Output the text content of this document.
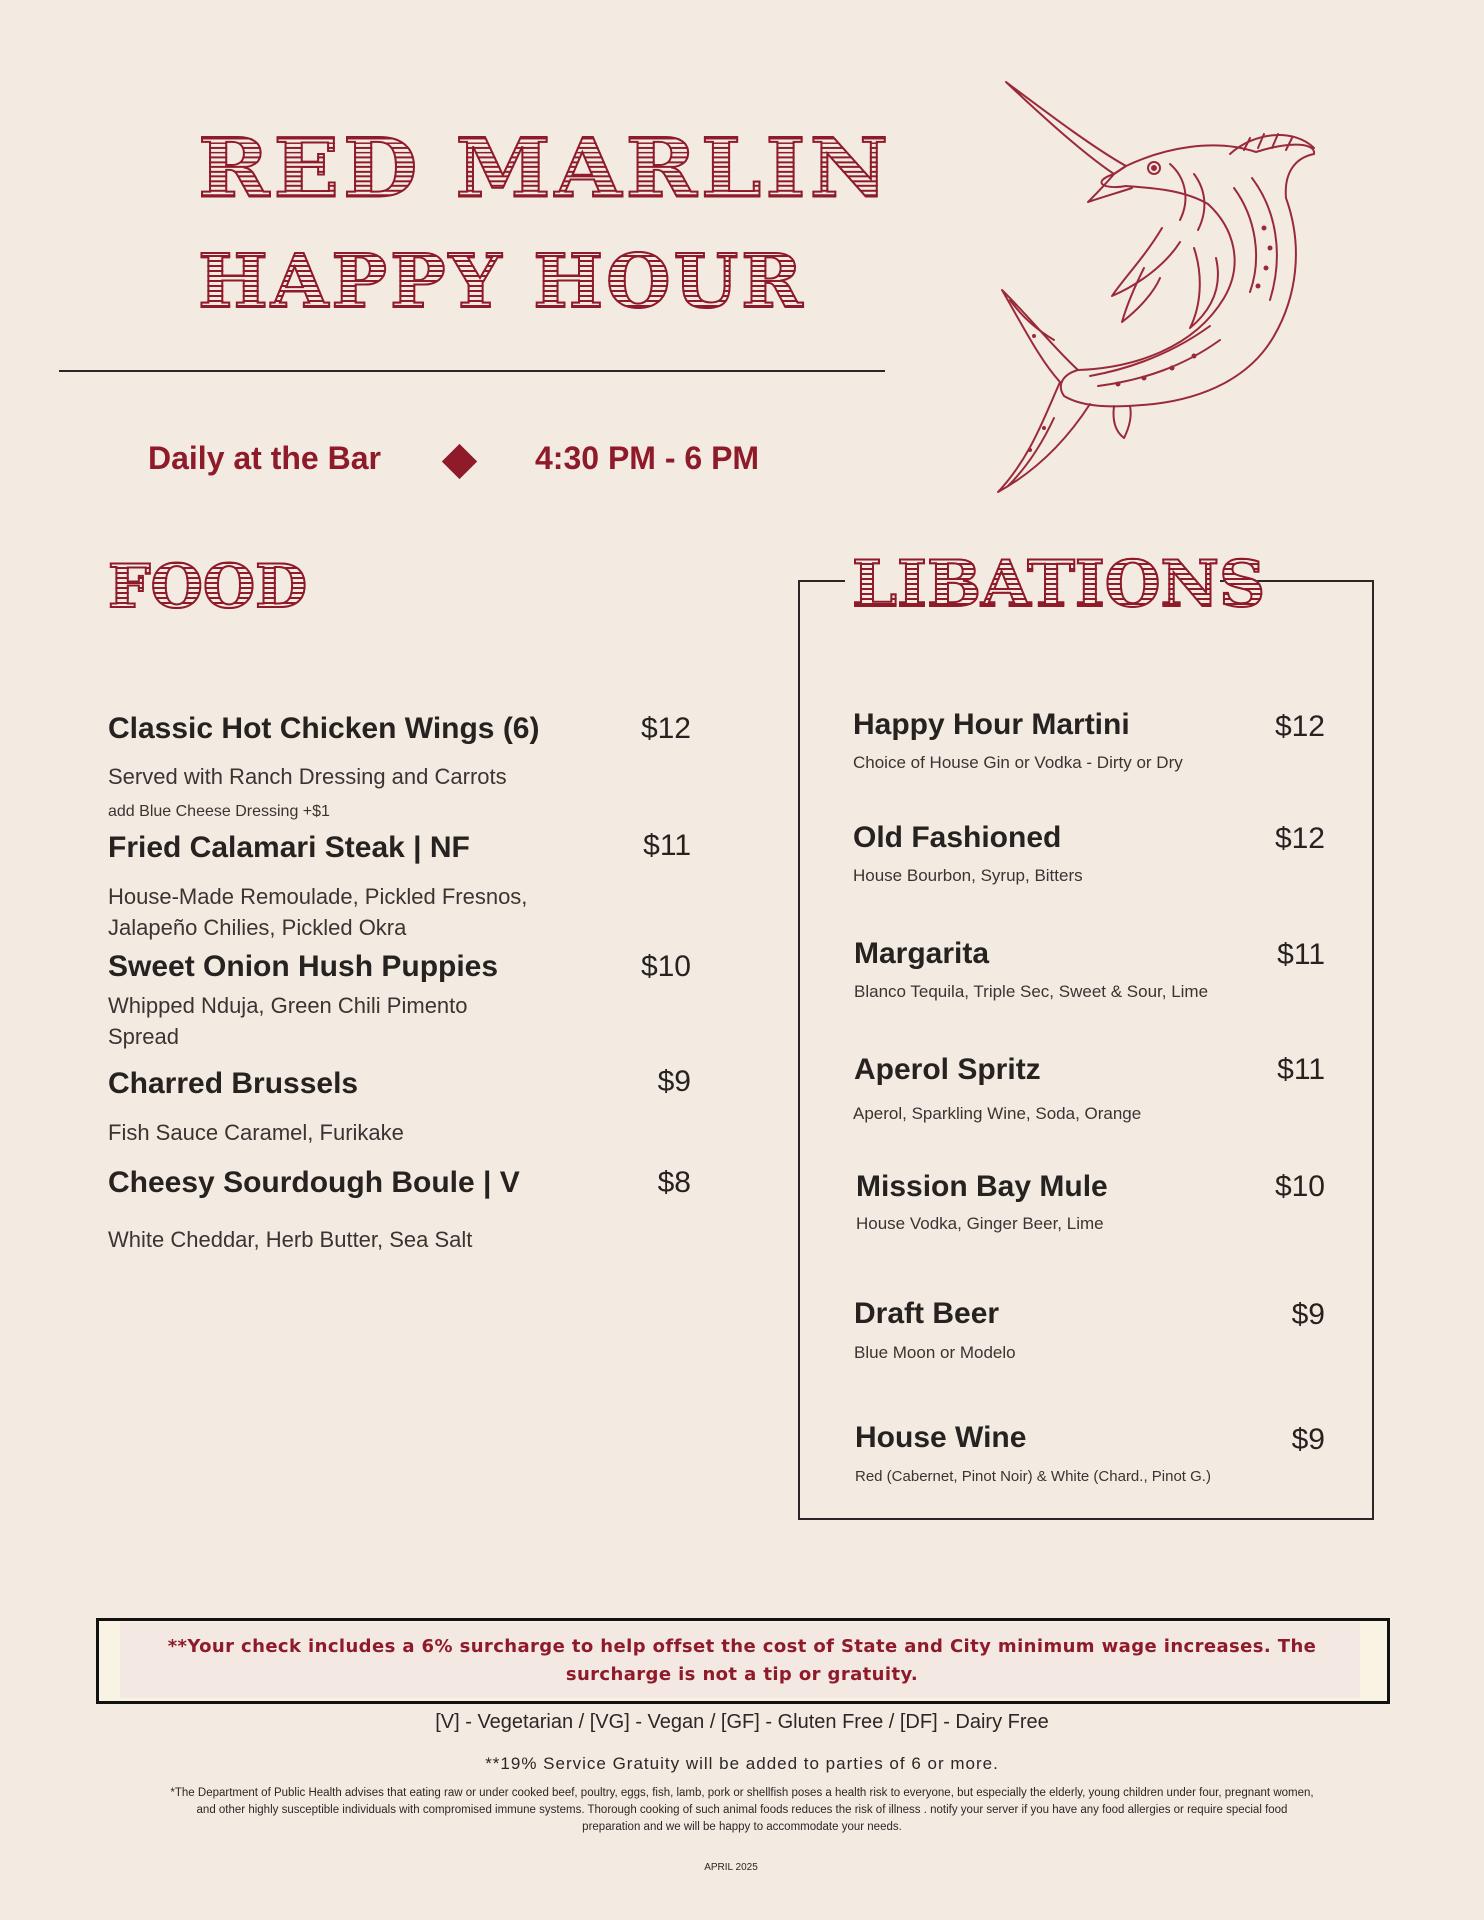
RED MARLIN
HAPPY HOUR
Daily at the Bar	4:30 PM - 6 PM
FOOD
Classic Hot Chicken Wings (6)	$12
Served with Ranch Dressing and Carrots
add Blue Cheese Dressing +$1
Fried Calamari Steak | NF	$11
House-Made Remoulade, Pickled Fresnos,
Jalapeño Chilies, Pickled Okra
Sweet Onion Hush Puppies	$10
Whipped Nduja, Green Chili Pimento
Spread
Charred Brussels	$9
Fish Sauce Caramel, Furikake
Cheesy Sourdough Boule | V	$8
White Cheddar, Herb Butter, Sea Salt
LIBATIONS
Happy Hour Martini	$12
Choice of House Gin or Vodka - Dirty or Dry
Old Fashioned	$12
House Bourbon, Syrup, Bitters
Margarita	$11
Blanco Tequila, Triple Sec, Sweet & Sour, Lime
Aperol Spritz	$11
Aperol, Sparkling Wine, Soda, Orange
Mission Bay Mule	$10
House Vodka, Ginger Beer, Lime
Draft Beer	$9
Blue Moon or Modelo
House Wine	$9
Red (Cabernet, Pinot Noir) & White (Chard., Pinot G.)
**Your check includes a 6% surcharge to help offset the cost of State and City minimum wage increases. The surcharge is not a tip or gratuity.
[V] - Vegetarian / [VG] - Vegan / [GF] - Gluten Free / [DF] - Dairy Free
**19% Service Gratuity will be added to parties of 6 or more.
*The Department of Public Health advises that eating raw or under cooked beef, poultry, eggs, fish, lamb, pork or shellfish poses a health risk to everyone, but especially the elderly, young children under four, pregnant women, and other highly susceptible individuals with compromised immune systems. Thorough cooking of such animal foods reduces the risk of illness . notify your server if you have any food allergies or require special food preparation and we will be happy to accommodate your needs.
APRIL 2025
